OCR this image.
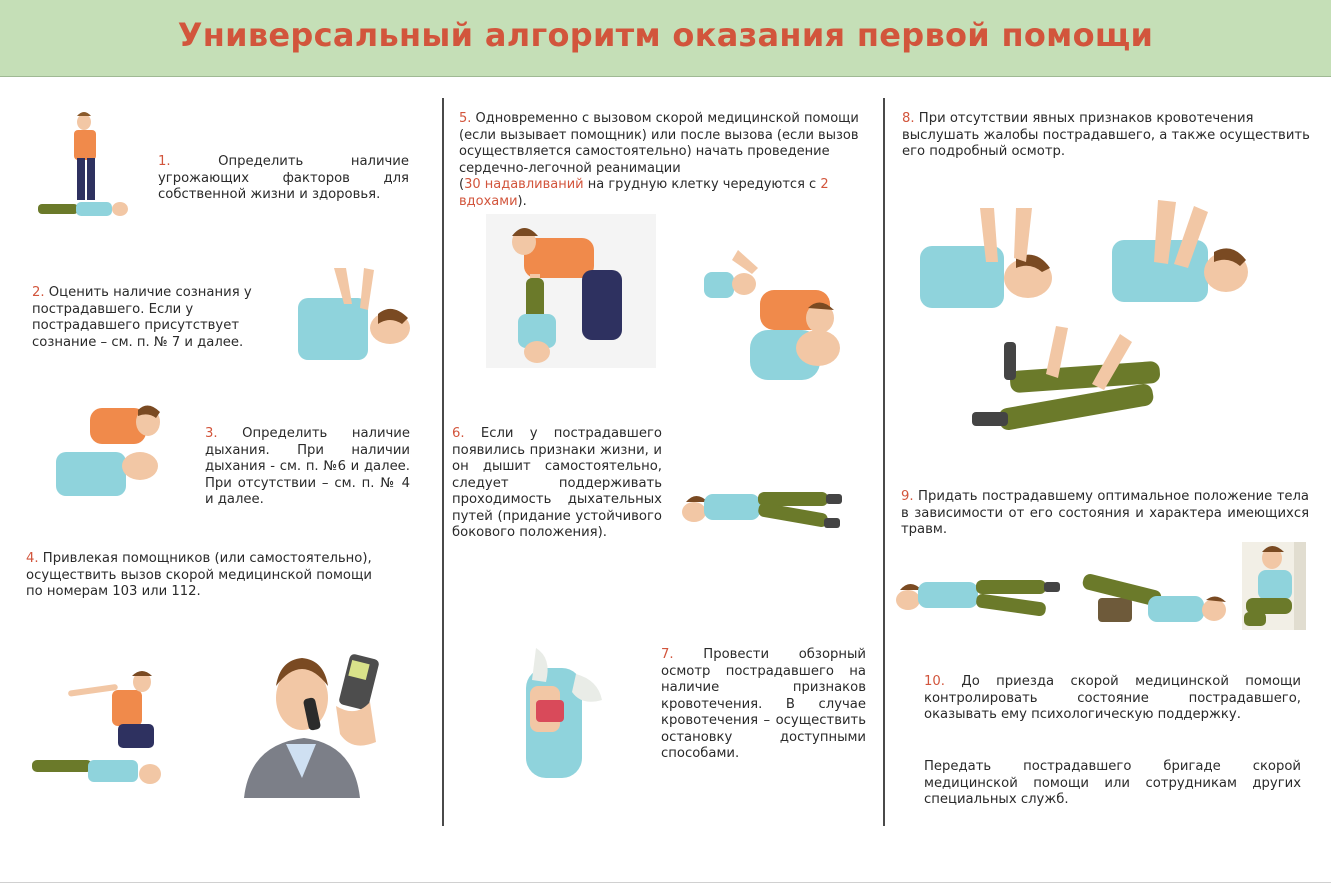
Универсальный алгоритм оказания первой помощи
1.	Определить наличие угрожающих факторов для собственной жизни и здоровья.
2. Оценить наличие сознания у пострадавшего. Если у пострадавшего присутствует сознание – см. п. № 7 и далее.
3. Определить наличие дыхания. При наличии дыхания - см. п. №6 и далее. При отсутствии – см. п. № 4 и далее.
4. Привлекая помощников (или самостоятельно), осуществить вызов скорой медицинской помощи по номерам 103 или 112.
5. Одновременно с вызовом скорой медицинской помощи (если вызывает помощник) или после вызова (если вызов осуществляется самостоятельно) начать проведение сердечно-легочной реанимации
(30 надавливаний на грудную клетку чередуются с 2 вдохами).
6. Если у пострадавшего появились признаки жизни, и он дышит самостоятельно, следует поддерживать проходимость дыхательных путей (придание устойчивого бокового положения).
7. Провести обзорный осмотр пострадавшего на наличие признаков кровотечения. В случае кровотечения – осуществить остановку доступными способами.
8. При отсутствии явных признаков кровотечения выслушать жалобы пострадавшего, а также осуществить его подробный осмотр.
9. Придать пострадавшему оптимальное положение тела в зависимости от его состояния и характера имеющихся травм.
10. До приезда скорой медицинской помощи контролировать состояние пострадавшего, оказывать ему психологическую поддержку.
Передать пострадавшего бригаде скорой медицинской помощи или сотрудникам других специальных служб.
